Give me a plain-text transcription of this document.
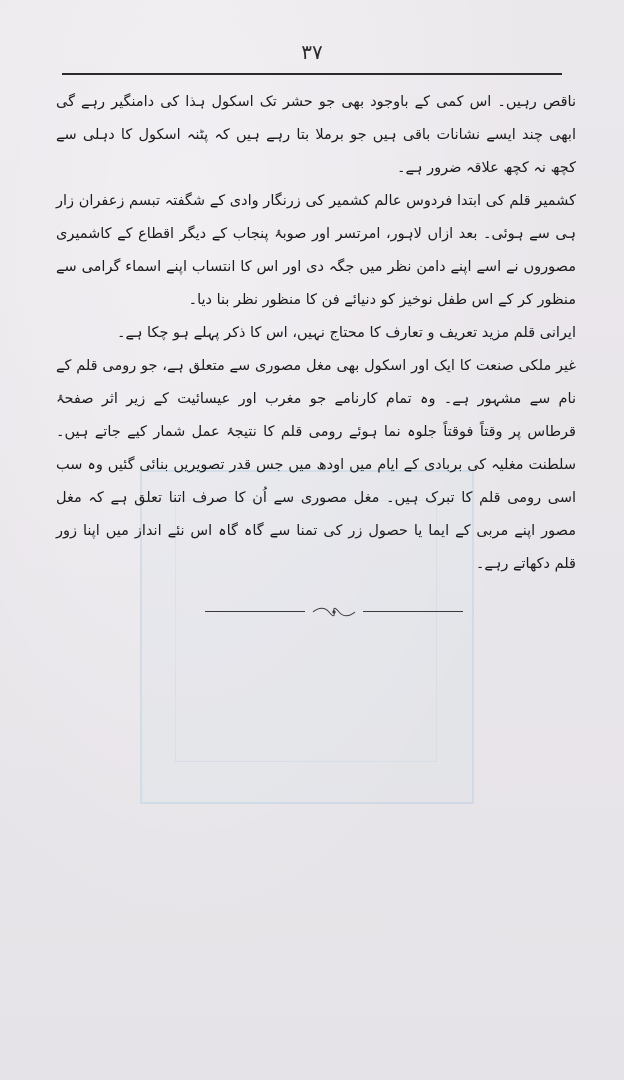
۳۷

ناقص رہیں۔ اس کمی کے باوجود بھی جو حشر تک اسکول ہذا کی دامنگیر رہے گی ابھی چند ایسے نشانات باقی ہیں جو برملا بتا رہے ہیں کہ پٹنہ اسکول کا دہلی سے کچھ نہ کچھ علاقہ ضرور ہے۔

کشمیر قلم کی ابتدا فردوس عالم کشمیر کی زرنگار وادی کے شگفتہ تبسم زعفران زار ہی سے ہوئی۔ بعد ازاں لاہور، امرتسر اور صوبۂ پنجاب کے دیگر اقطاع کے کاشمیری مصوروں نے اسے اپنے دامن نظر میں جگہ دی اور اس کا انتساب اپنے اسماء گرامی سے منظور کر کے اس طفل نوخیز کو دنیائے فن کا منظور نظر بنا دیا۔

ایرانی قلم مزید تعریف و تعارف کا محتاج نہیں، اس کا ذکر پہلے ہو چکا ہے۔

غیر ملکی صنعت کا ایک اور اسکول بھی مغل مصوری سے متعلق ہے، جو رومی قلم کے نام سے مشہور ہے۔ وہ تمام کارنامے جو مغرب اور عیسائیت کے زیر اثر صفحۂ قرطاس پر وقتاً فوقتاً جلوہ نما ہوئے رومی قلم کا نتیجۂ عمل شمار کیے جاتے ہیں۔ سلطنت مغلیہ کی بربادی کے ایام میں اودھ میں جس قدر تصویریں بنائی گئیں وہ سب اسی رومی قلم کا تبرک ہیں۔ مغل مصوری سے اُن کا صرف اتنا تعلق ہے کہ مغل مصور اپنے مربی کے ایما یا حصول زر کی تمنا سے گاہ گاہ اس نئے انداز میں اپنا زور قلم دکھاتے رہے۔
